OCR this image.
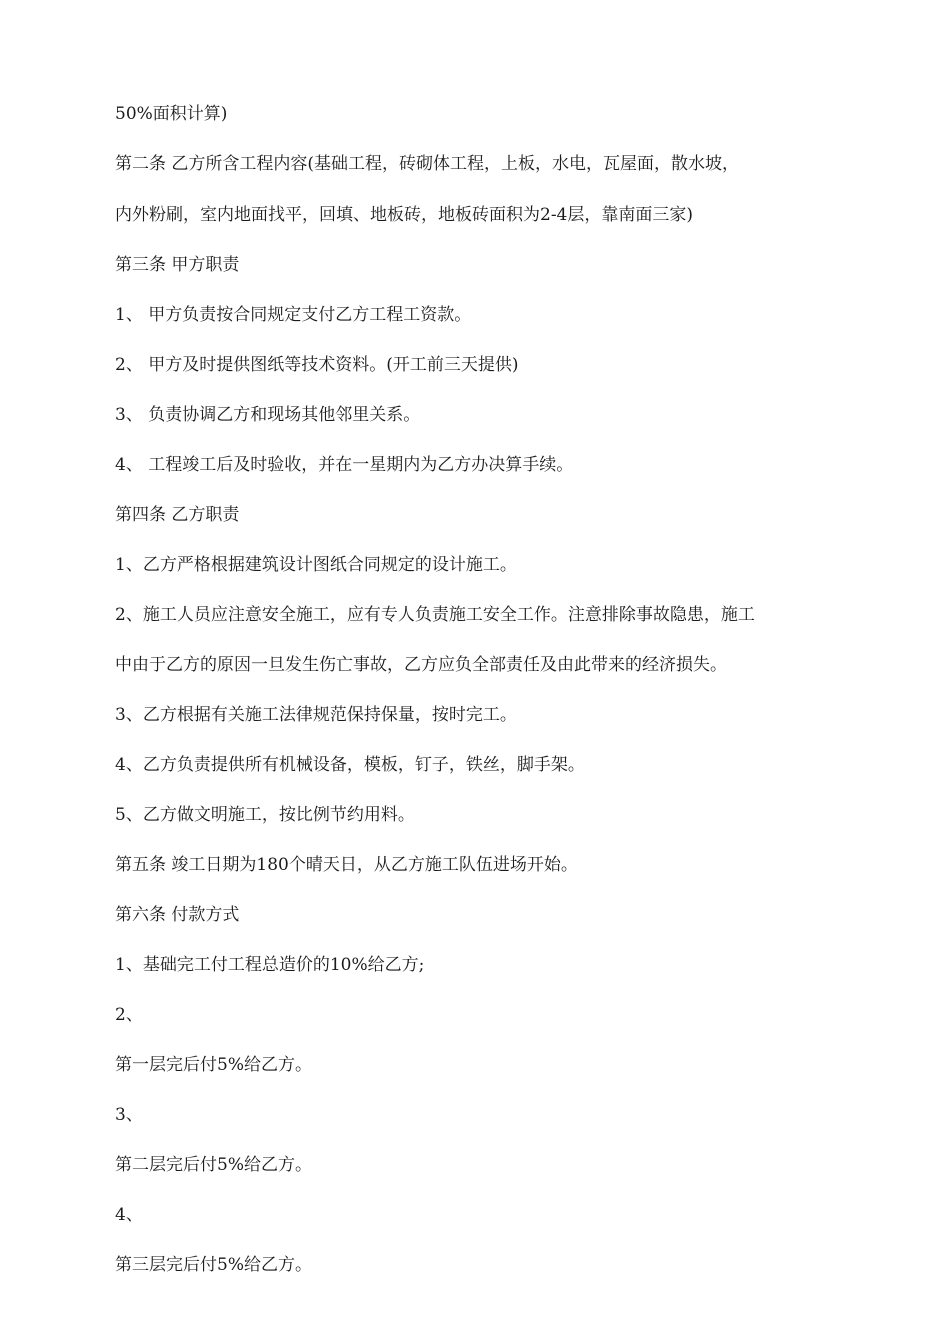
50%面积计算)
第二条 乙方所含工程内容(基础工程，砖砌体工程，上板，水电，瓦屋面，散水坡，
内外粉刷，室内地面找平，回填、地板砖，地板砖面积为2-4层，靠南面三家)
第三条 甲方职责
1、 甲方负责按合同规定支付乙方工程工资款。
2、 甲方及时提供图纸等技术资料。(开工前三天提供)
3、 负责协调乙方和现场其他邻里关系。
4、 工程竣工后及时验收，并在一星期内为乙方办决算手续。
第四条 乙方职责
1、乙方严格根据建筑设计图纸合同规定的设计施工。
2、施工人员应注意安全施工，应有专人负责施工安全工作。注意排除事故隐患，施工
中由于乙方的原因一旦发生伤亡事故，乙方应负全部责任及由此带来的经济损失。
3、乙方根据有关施工法律规范保持保量，按时完工。
4、乙方负责提供所有机械设备，模板，钉子，铁丝，脚手架。
5、乙方做文明施工，按比例节约用料。
第五条 竣工日期为180个晴天日，从乙方施工队伍进场开始。
第六条 付款方式
1、基础完工付工程总造价的10%给乙方;
2、
第一层完后付5%给乙方。
3、
第二层完后付5%给乙方。
4、
第三层完后付5%给乙方。
